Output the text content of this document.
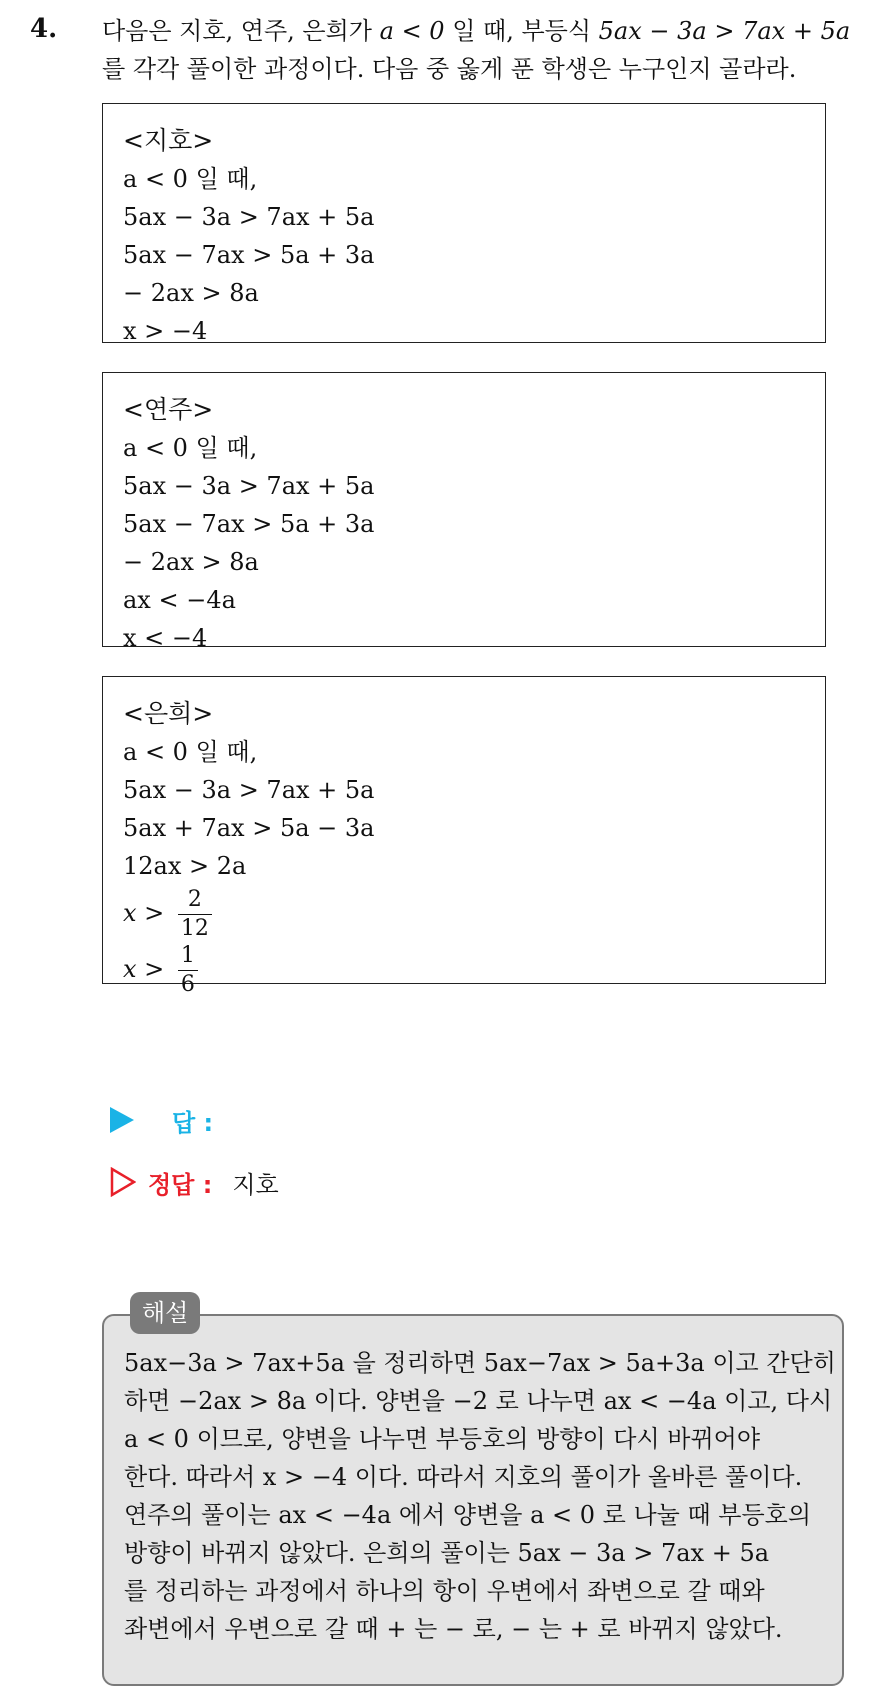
4. 다음은 지호, 연주, 은희가 a < 0 일 때, 부등식 5ax − 3a > 7ax + 5a
를 각각 풀이한 과정이다. 다음 중 옳게 푼 학생은 누구인지 골라라.
<지호>
a < 0 일 때,
5ax − 3a > 7ax + 5a
5ax − 7ax > 5a + 3a
− 2ax > 8a
x > −4
<연주>
a < 0 일 때,
5ax − 3a > 7ax + 5a
5ax − 7ax > 5a + 3a
− 2ax > 8a
ax < −4a
x < −4
<은희>
a < 0 일 때,
5ax − 3a > 7ax + 5a
5ax + 7ax > 5a − 3a
12ax > 2a
$x > \frac{2}{12}$
$x > \frac{1}{6}$
답 :
정답 : 지호
해설
5ax−3a > 7ax+5a 을 정리하면 5ax−7ax > 5a+3a 이고 간단히
하면 −2ax > 8a 이다. 양변을 −2 로 나누면 ax < −4a 이고, 다시
a < 0 이므로, 양변을 나누면 부등호의 방향이 다시 바뀌어야
한다. 따라서 x > −4 이다. 따라서 지호의 풀이가 올바른 풀이다.
연주의 풀이는 ax < −4a 에서 양변을 a < 0 로 나눌 때 부등호의
방향이 바뀌지 않았다. 은희의 풀이는 5ax − 3a > 7ax + 5a
를 정리하는 과정에서 하나의 항이 우변에서 좌변으로 갈 때와
좌변에서 우변으로 갈 때 + 는 − 로, − 는 + 로 바뀌지 않았다.
